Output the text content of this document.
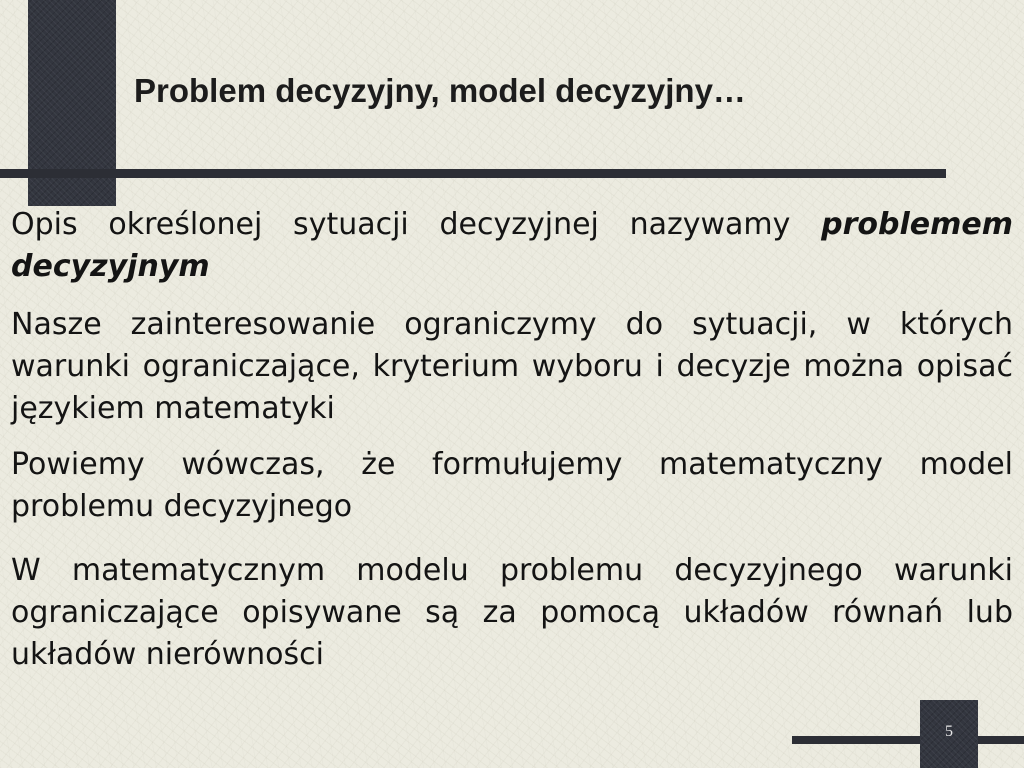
Problem decyzyjny, model decyzyjny…

Opis określonej sytuacji decyzyjnej nazywamy problemem decyzyjnym

Nasze zainteresowanie ograniczymy do sytuacji, w których warunki ograniczające, kryterium wyboru i decyzje można opisać językiem matematyki

Powiemy wówczas, że formułujemy matematyczny model problemu decyzyjnego

W matematycznym modelu problemu decyzyjnego warunki ograniczające opisywane są za pomocą układów równań lub układów nierówności

5
